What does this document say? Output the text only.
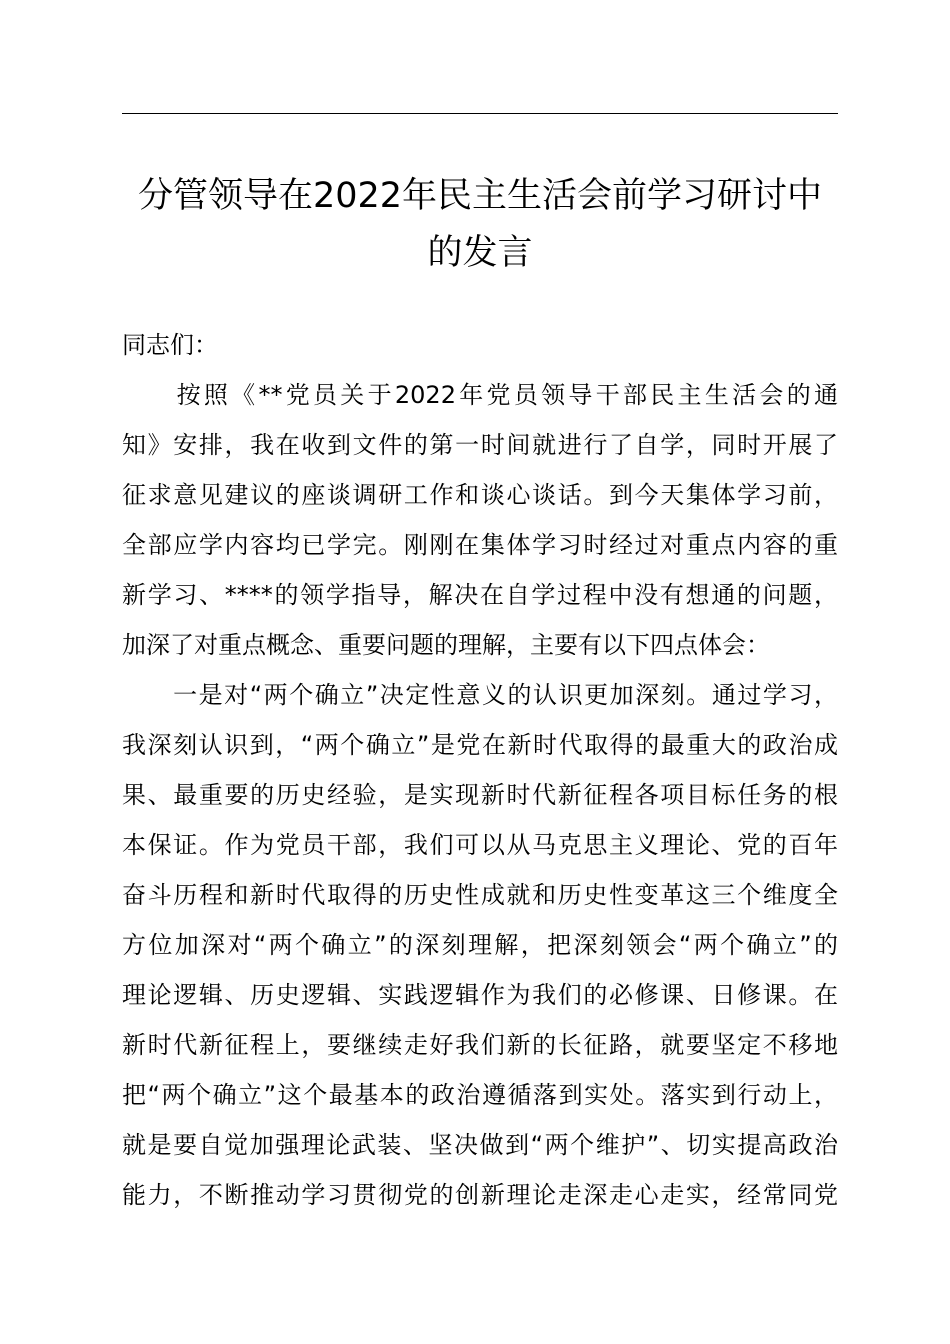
分管领导在2022年民主生活会前学习研讨中
的发言
同志们：
　　按照《**党员关于2022年党员领导干部民主生活会的通
知》安排，我在收到文件的第一时间就进行了自学，同时开展了
征求意见建议的座谈调研工作和谈心谈话。到今天集体学习前，
全部应学内容均已学完。刚刚在集体学习时经过对重点内容的重
新学习、****的领学指导，解决在自学过程中没有想通的问题，
加深了对重点概念、重要问题的理解，主要有以下四点体会：
　　一是对“两个确立”决定性意义的认识更加深刻。通过学习，
我深刻认识到，“两个确立”是党在新时代取得的最重大的政治成
果、最重要的历史经验，是实现新时代新征程各项目标任务的根
本保证。作为党员干部，我们可以从马克思主义理论、党的百年
奋斗历程和新时代取得的历史性成就和历史性变革这三个维度全
方位加深对“两个确立”的深刻理解，把深刻领会“两个确立”的
理论逻辑、历史逻辑、实践逻辑作为我们的必修课、日修课。在
新时代新征程上，要继续走好我们新的长征路，就要坚定不移地
把“两个确立”这个最基本的政治遵循落到实处。落实到行动上，
就是要自觉加强理论武装、坚决做到“两个维护”、切实提高政治
能力，不断推动学习贯彻党的创新理论走深走心走实，经常同党
